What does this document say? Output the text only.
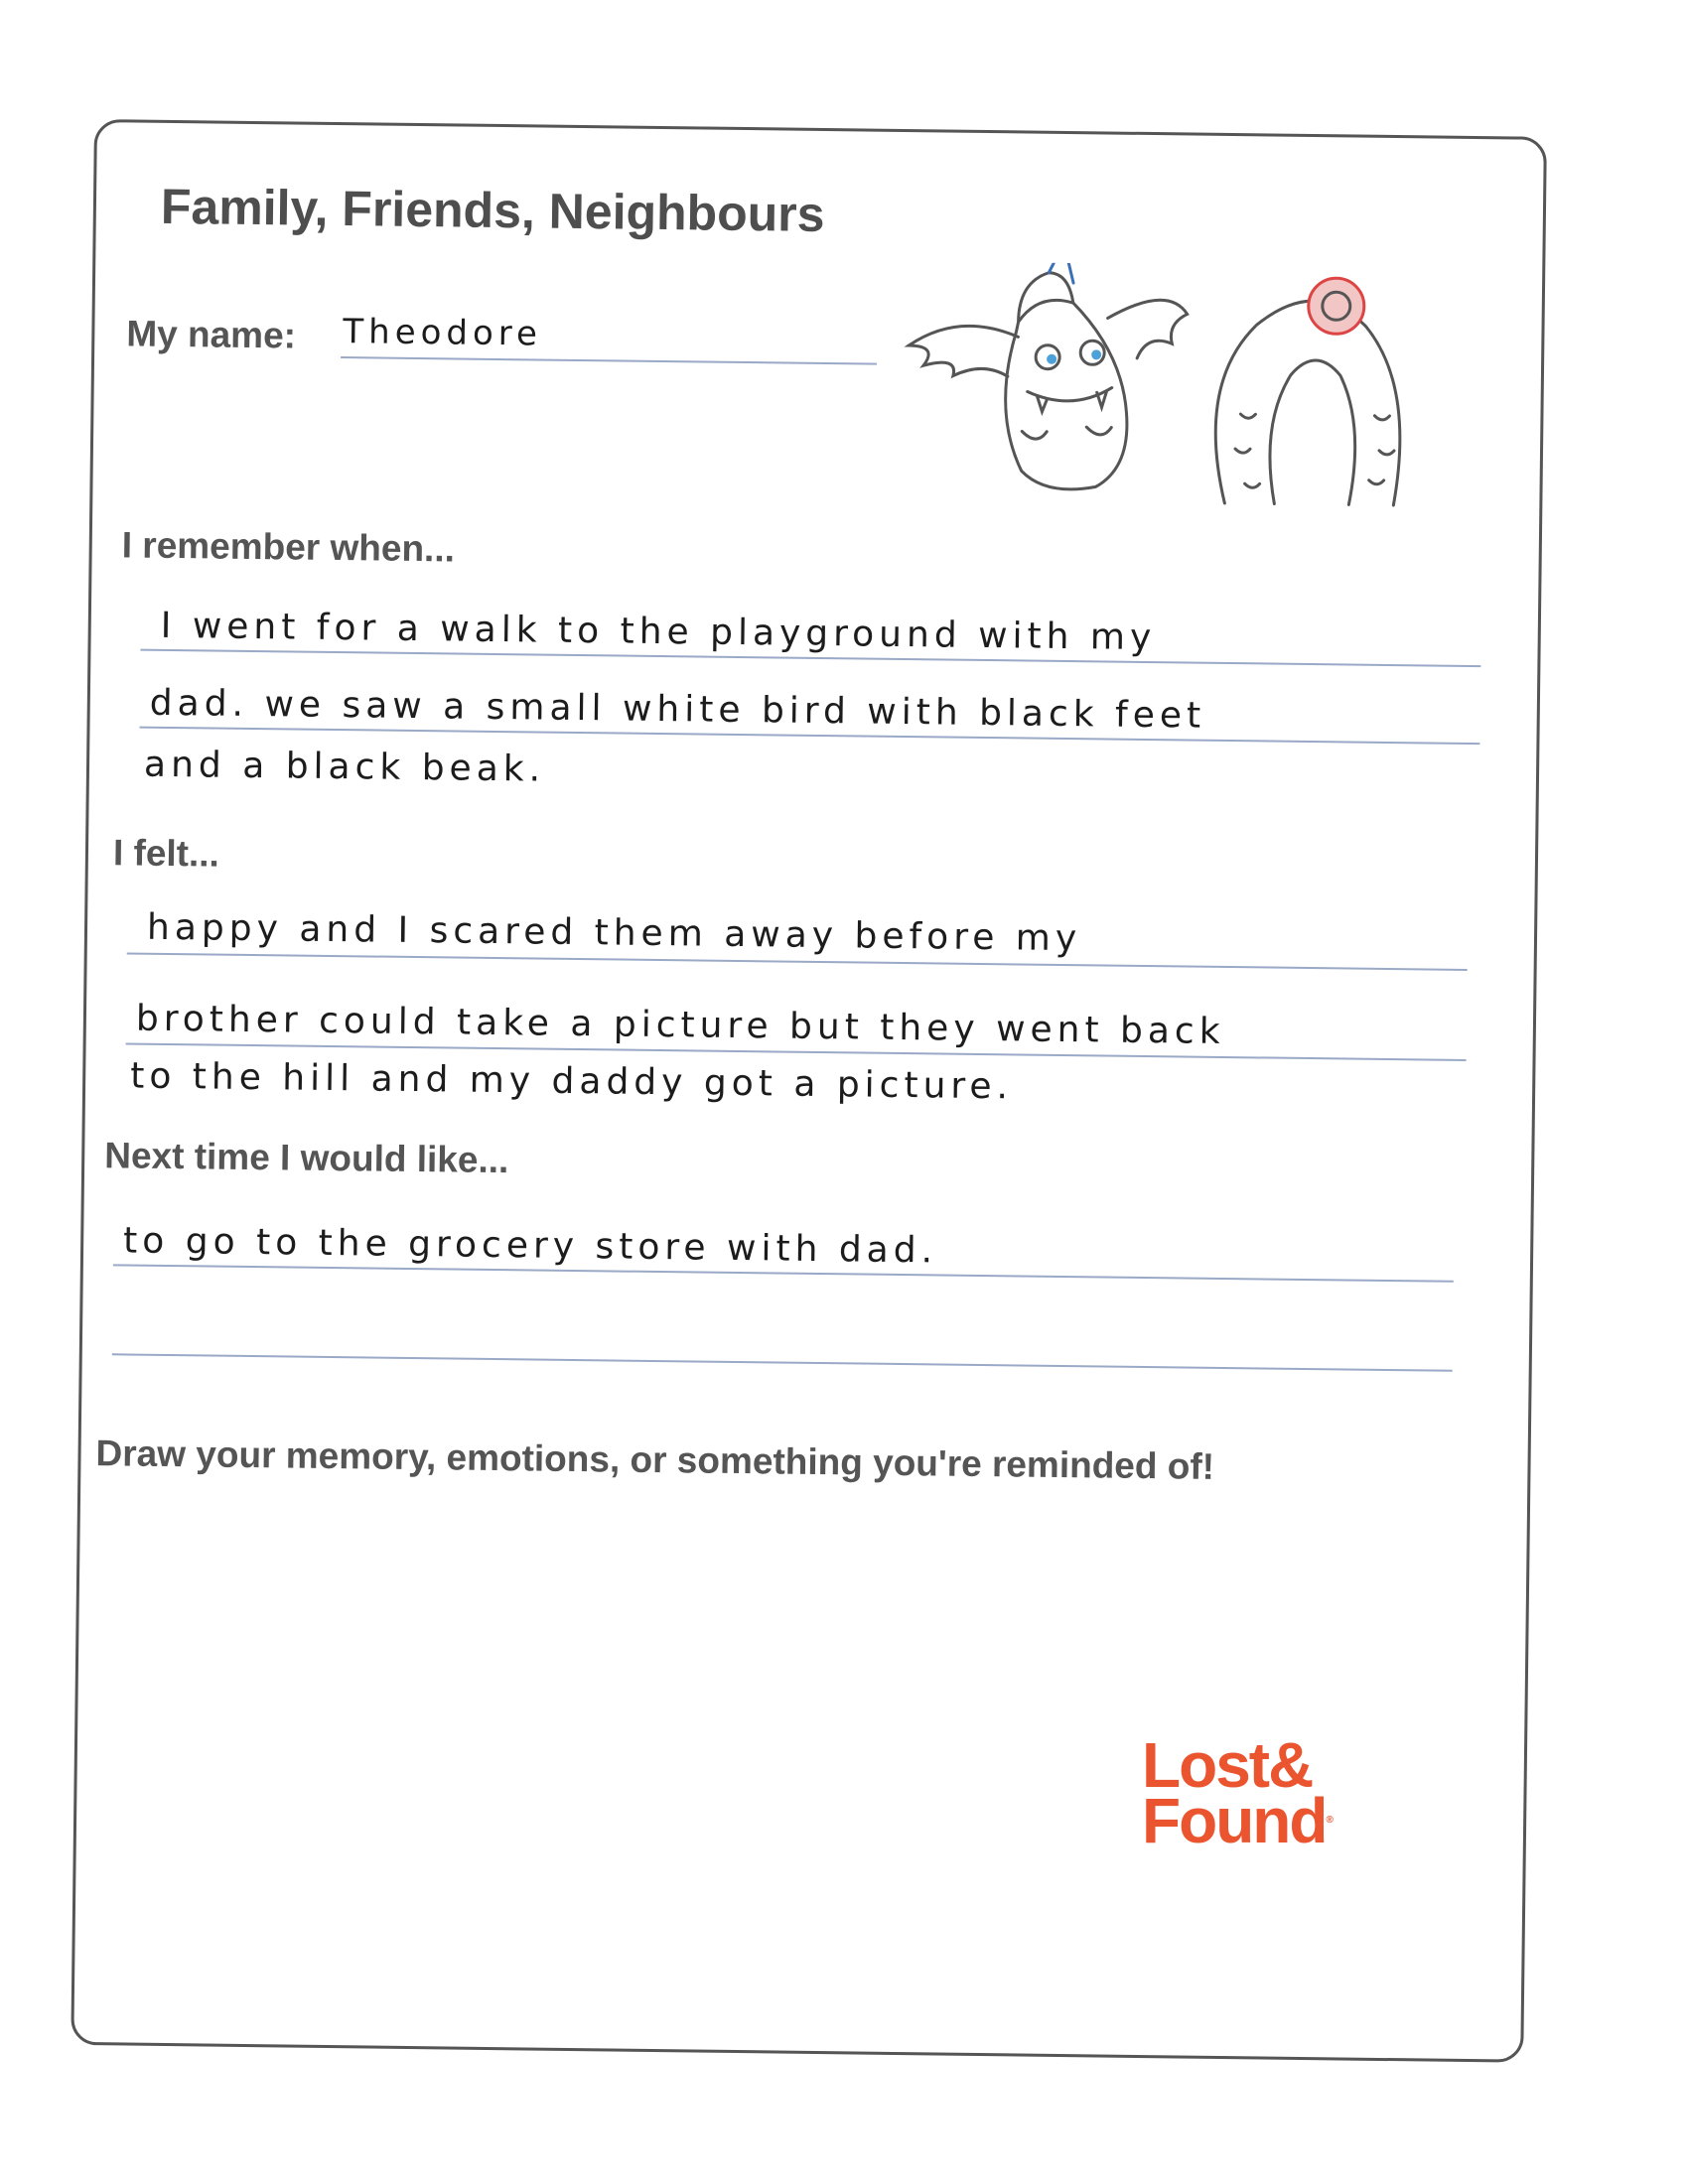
Family, Friends, Neighbours
My name: Theodore
I remember when...
I went for a walk to the playground with my
dad. we saw a small white bird with black feet
and a black beak.
I felt...
happy and I scared them away before my
brother could take a picture but they went back
to the hill and my daddy got a picture.
Next time I would like...
to go to the grocery store with dad.
Draw your memory, emotions, or something you're reminded of!
Lost&
Found®
